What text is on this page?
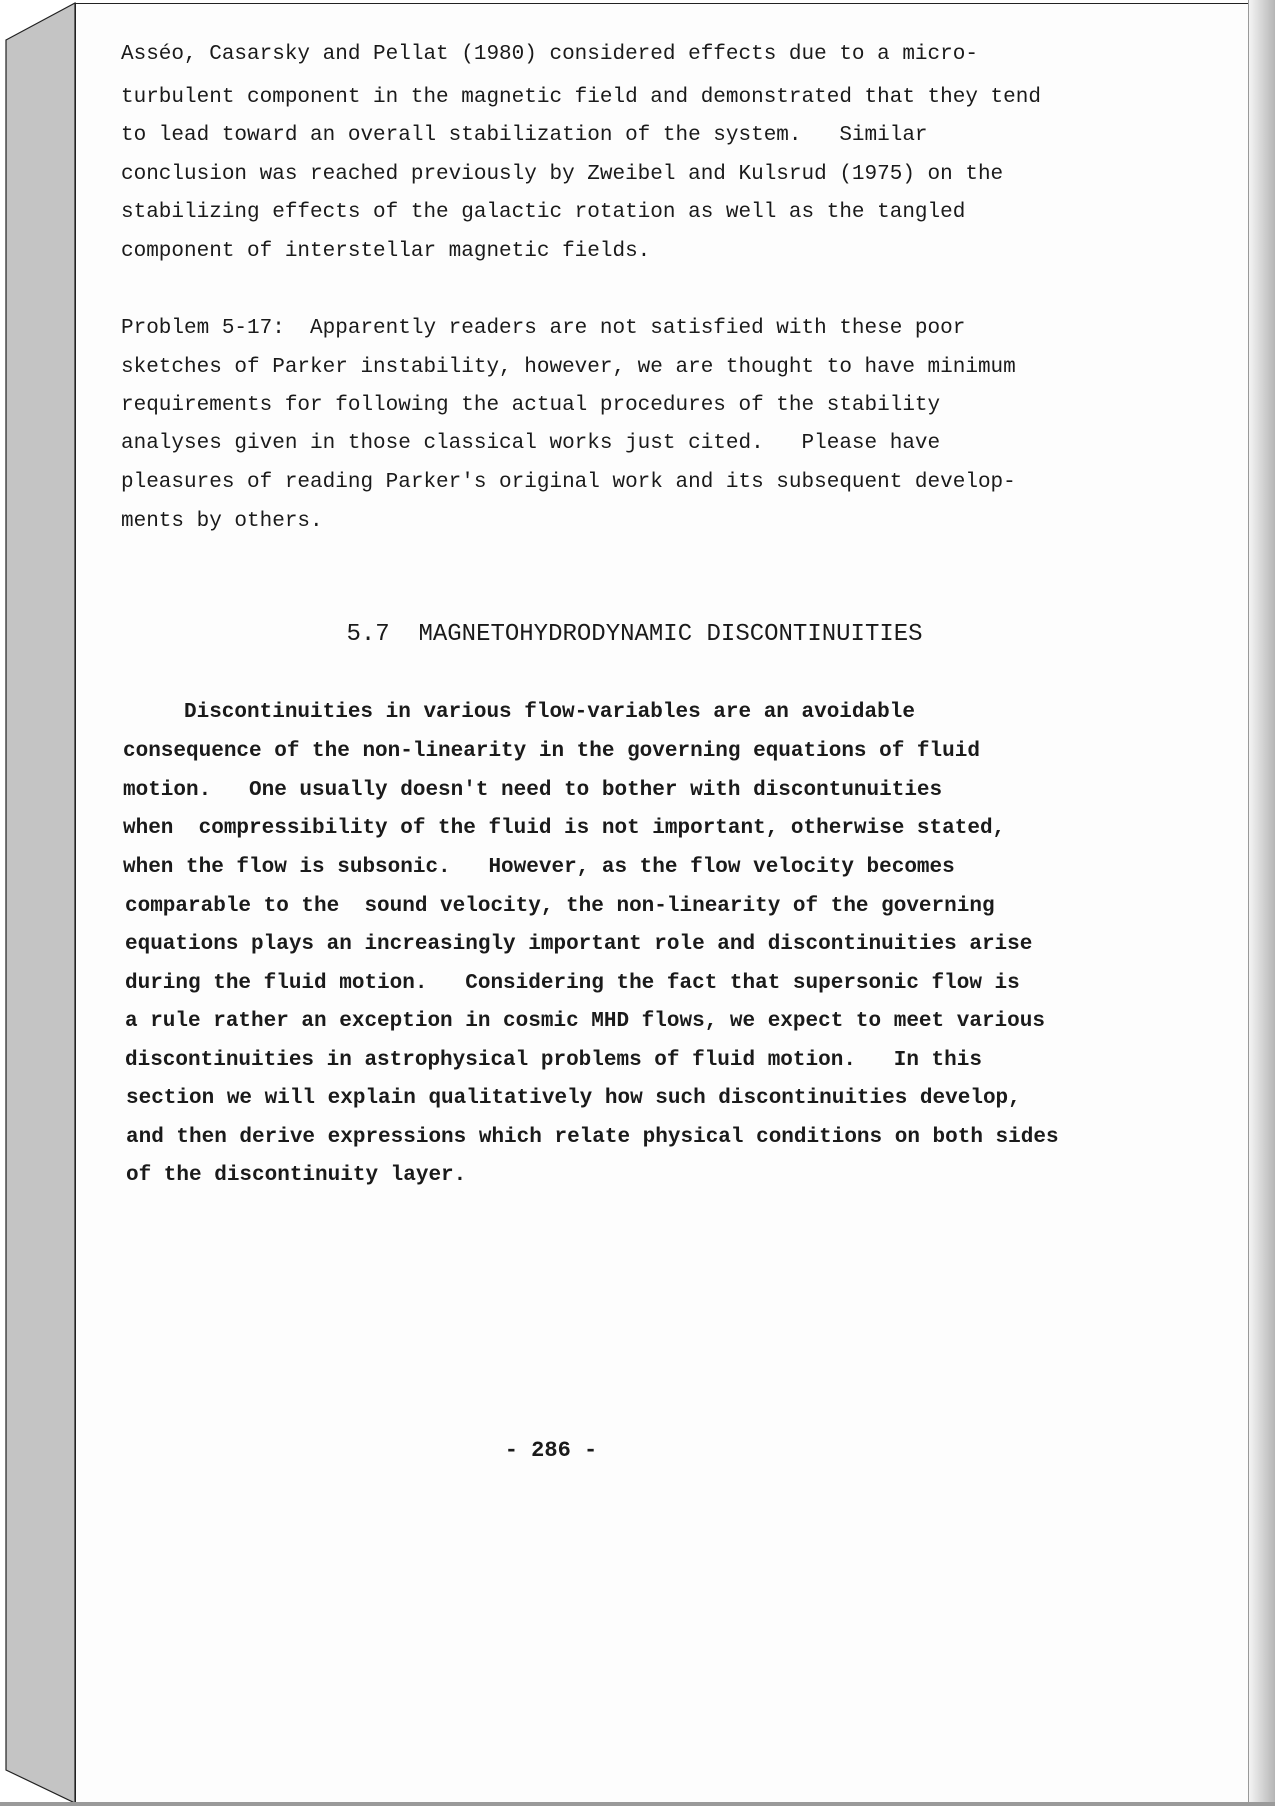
Asséo, Casarsky and Pellat (1980) considered effects due to a micro-
turbulent component in the magnetic field and demonstrated that they tend
to lead toward an overall stabilization of the system.   Similar
conclusion was reached previously by Zweibel and Kulsrud (1975) on the
stabilizing effects of the galactic rotation as well as the tangled
component of interstellar magnetic fields.
Problem 5-17:  Apparently readers are not satisfied with these poor
sketches of Parker instability, however, we are thought to have minimum
requirements for following the actual procedures of the stability
analyses given in those classical works just cited.   Please have
pleasures of reading Parker's original work and its subsequent develop-
ments by others.
5.7  MAGNETOHYDRODYNAMIC DISCONTINUITIES
Discontinuities in various flow-variables are an avoidable
consequence of the non-linearity in the governing equations of fluid
motion.   One usually doesn't need to bother with discontunuities
when  compressibility of the fluid is not important, otherwise stated,
when the flow is subsonic.   However, as the flow velocity becomes
comparable to the  sound velocity, the non-linearity of the governing
equations plays an increasingly important role and discontinuities arise
during the fluid motion.   Considering the fact that supersonic flow is
a rule rather an exception in cosmic MHD flows, we expect to meet various
discontinuities in astrophysical problems of fluid motion.   In this
section we will explain qualitatively how such discontinuities develop,
and then derive expressions which relate physical conditions on both sides
of the discontinuity layer.
- 286 -
